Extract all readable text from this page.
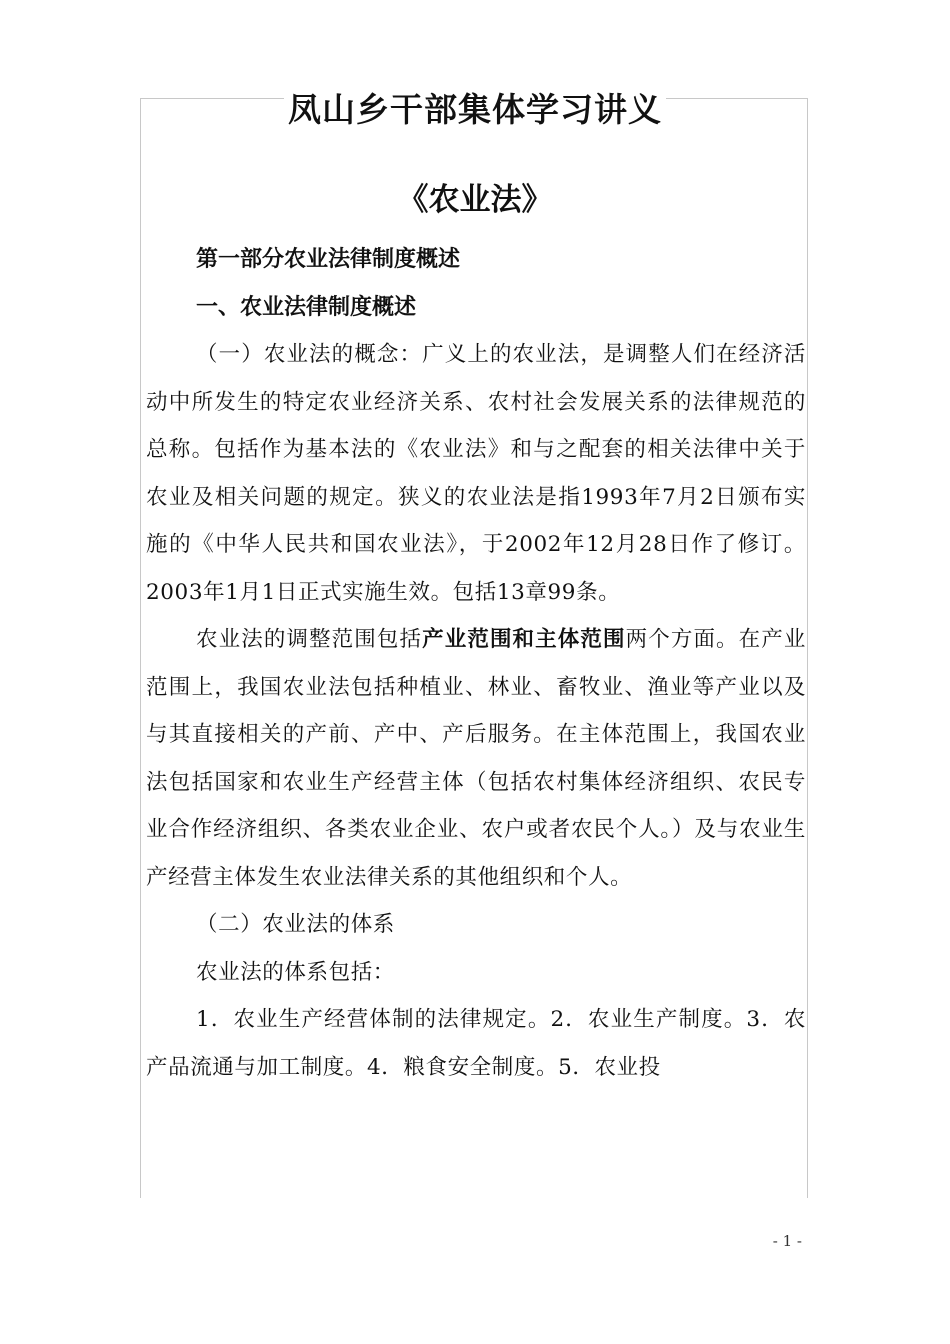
凤山乡干部集体学习讲义
《农业法》

第一部分农业法律制度概述

一、农业法律制度概述

（一）农业法的概念：广义上的农业法，是调整人们在经济活动中所发生的特定农业经济关系、农村社会发展关系的法律规范的总称。包括作为基本法的《农业法》和与之配套的相关法律中关于农业及相关问题的规定。狭义的农业法是指1993年7月2日颁布实施的《中华人民共和国农业法》，于2002年12月28日作了修订。2003年1月1日正式实施生效。包括13章99条。

农业法的调整范围包括产业范围和主体范围两个方面。在产业范围上，我国农业法包括种植业、林业、畜牧业、渔业等产业以及与其直接相关的产前、产中、产后服务。在主体范围上，我国农业法包括国家和农业生产经营主体（包括农村集体经济组织、农民专业合作经济组织、各类农业企业、农户或者农民个人。）及与农业生产经营主体发生农业法律关系的其他组织和个人。

（二）农业法的体系

农业法的体系包括：

1．农业生产经营体制的法律规定。2．农业生产制度。3．农产品流通与加工制度。4．粮食安全制度。5．农业投

- 1 -
